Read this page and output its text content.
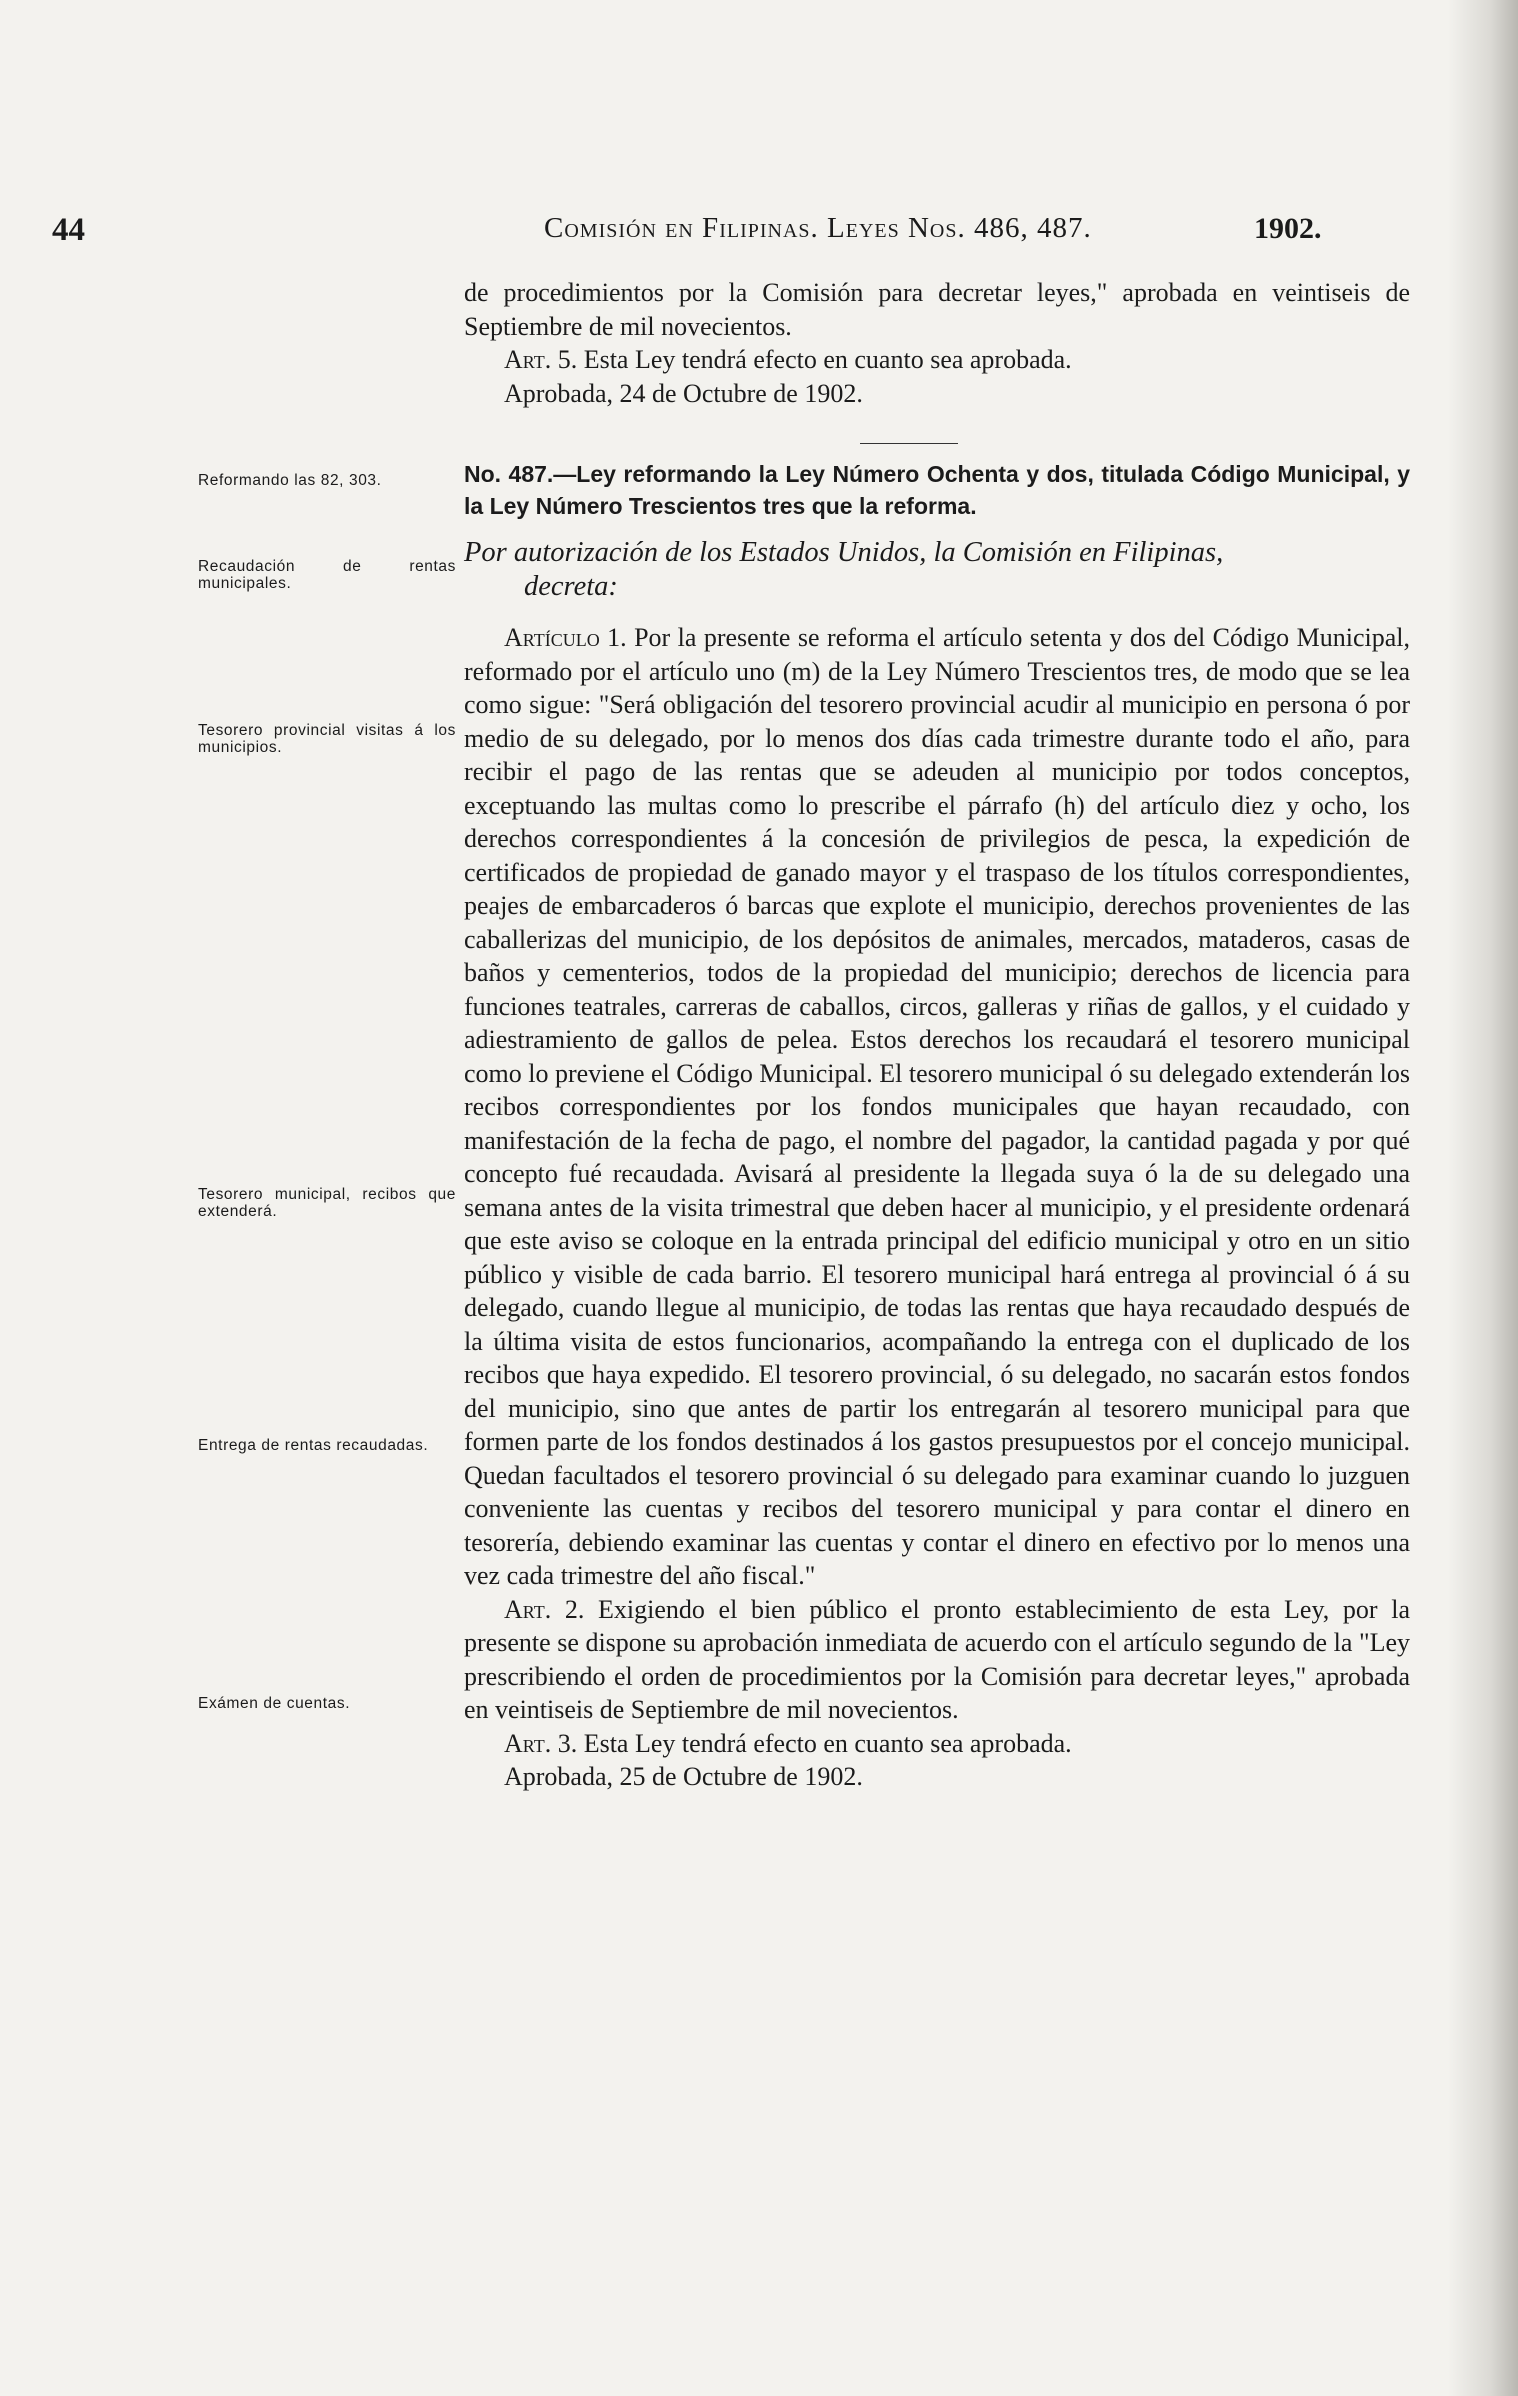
44	Comisión en Filipinas. Leyes Nos. 486, 487.	1902.

de procedimientos por la Comisión para decretar leyes," aprobada en veintiseis de Septiembre de mil novecientos.

Art. 5. Esta Ley tendrá efecto en cuanto sea aprobada.

Aprobada, 24 de Octubre de 1902.

Reformando las 82, 303.
Recaudación de rentas municipales.
Tesorero provincial visitas á los municipios.
Tesorero municipal, recibos que extenderá.
Entrega de rentas recaudadas.
Exámen de cuentas.
No. 487.—Ley reformando la Ley Número Ochenta y dos, titulada Código Municipal, y la Ley Número Trescientos tres que la reforma.
Por autorización de los Estados Unidos, la Comisión en Filipinas,
decreta:

Artículo 1. Por la presente se reforma el artículo setenta y dos del Código Municipal, reformado por el artículo uno (m) de la Ley Número Trescientos tres, de modo que se lea como sigue: "Será obligación del tesorero provincial acudir al municipio en persona ó por medio de su delegado, por lo menos dos días cada trimestre durante todo el año, para recibir el pago de las rentas que se adeuden al municipio por todos conceptos, exceptuando las multas como lo prescribe el párrafo (h) del artículo diez y ocho, los derechos correspondientes á la concesión de privilegios de pesca, la expedición de certificados de propiedad de ganado mayor y el traspaso de los títulos correspondientes, peajes de embarcaderos ó barcas que explote el municipio, derechos provenientes de las caballerizas del municipio, de los depósitos de animales, mercados, mataderos, casas de baños y cementerios, todos de la propiedad del municipio; derechos de licencia para funciones teatrales, carreras de caballos, circos, galleras y riñas de gallos, y el cuidado y adiestramiento de gallos de pelea. Estos derechos los recaudará el tesorero municipal como lo previene el Código Municipal. El tesorero municipal ó su delegado extenderán los recibos correspondientes por los fondos municipales que hayan recaudado, con manifestación de la fecha de pago, el nombre del pagador, la cantidad pagada y por qué concepto fué recaudada. Avisará al presidente la llegada suya ó la de su delegado una semana antes de la visita trimestral que deben hacer al municipio, y el presidente ordenará que este aviso se coloque en la entrada principal del edificio municipal y otro en un sitio público y visible de cada barrio. El tesorero municipal hará entrega al provincial ó á su delegado, cuando llegue al municipio, de todas las rentas que haya recaudado después de la última visita de estos funcionarios, acompañando la entrega con el duplicado de los recibos que haya expedido. El tesorero provincial, ó su delegado, no sacarán estos fondos del municipio, sino que antes de partir los entregarán al tesorero municipal para que formen parte de los fondos destinados á los gastos presupuestos por el concejo municipal. Quedan facultados el tesorero provincial ó su delegado para examinar cuando lo juzguen conveniente las cuentas y recibos del tesorero municipal y para contar el dinero en tesorería, debiendo examinar las cuentas y contar el dinero en efectivo por lo menos una vez cada trimestre del año fiscal."

Art. 2. Exigiendo el bien público el pronto establecimiento de esta Ley, por la presente se dispone su aprobación inmediata de acuerdo con el artículo segundo de la "Ley prescribiendo el orden de procedimientos por la Comisión para decretar leyes," aprobada en veintiseis de Septiembre de mil novecientos.

Art. 3. Esta Ley tendrá efecto en cuanto sea aprobada.

Aprobada, 25 de Octubre de 1902.
